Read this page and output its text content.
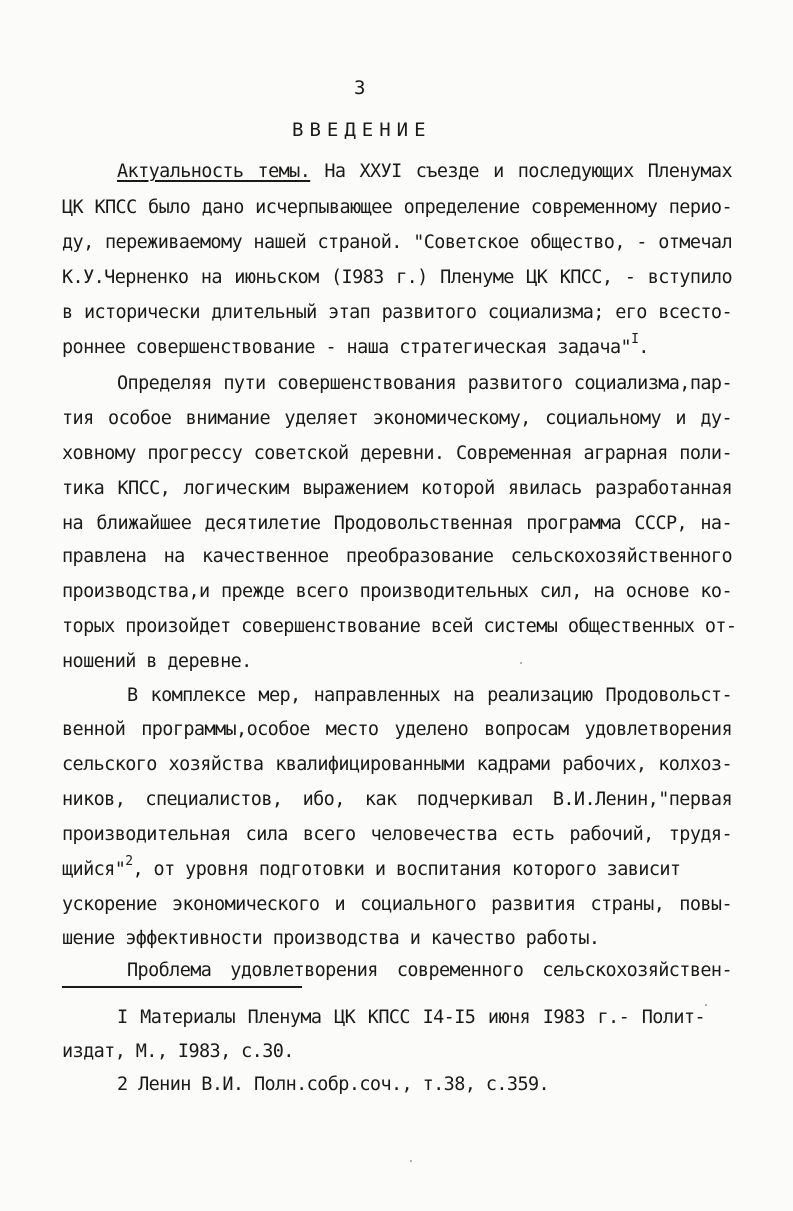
3
ВВЕДЕНИЕ
Актуальность темы. На XXУI съезде и последующих Пленумах
ЦК КПСС было дано исчерпывающее определение современному перио-
ду, переживаемому нашей страной. "Советское общество, - отмечал
К.У.Черненко на июньском (I983 г.) Пленуме ЦК КПСС, - вступило
в исторически длительный этап развитого социализма; его всесто-
роннее совершенствование - наша стратегическая задача"$^I$.
Определяя пути совершенствования развитого социализма,пар-
тия особое внимание уделяет экономическому, социальному и ду-
ховному прогрессу советской деревни. Современная аграрная поли-
тика КПСС, логическим выражением которой явилась разработанная
на ближайшее десятилетие Продовольственная программа СССР, на-
правлена на качественное преобразование сельскохозяйственного
производства,и прежде всего производительных сил, на основе ко-
торых произойдет совершенствование всей системы общественных от-
ношений в деревне.
В комплексе мер, направленных на реализацию Продовольст-
венной программы,особое место уделено вопросам удовлетворения
сельского хозяйства квалифицированными кадрами рабочих, колхоз-
ников, специалистов, ибо, как подчеркивал В.И.Ленин,"первая
производительная сила всего человечества есть рабочий, трудя-
щийся"$^2$, от уровня подготовки и воспитания которого зависит
ускорение экономического и социального развития страны, повы-
шение эффективности производства и качество работы.
Проблема удовлетворения современного сельскохозяйствен-
I Материалы Пленума ЦК КПСС I4-I5 июня I983 г.- Полит-
издат, М., I983, с.30.
2 Ленин В.И. Полн.собр.соч., т.38, с.359.
